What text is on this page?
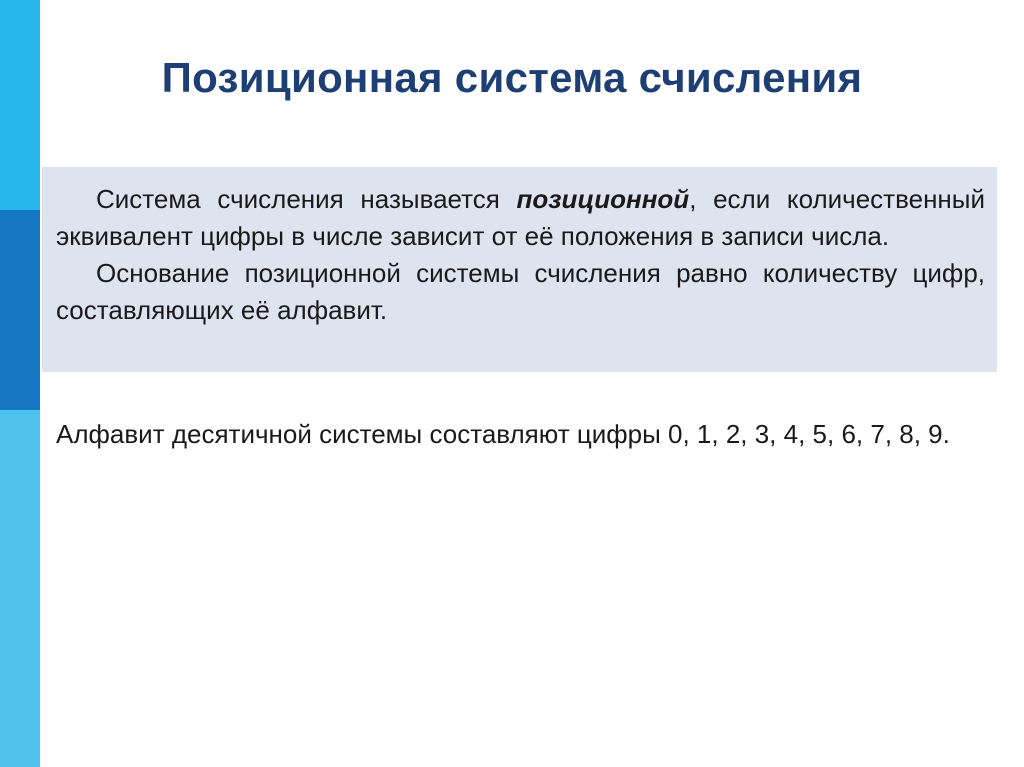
Позиционная система счисления

Система счисления называется позиционной, если количественный эквивалент цифры в числе зависит от её положения в записи числа.

Основание позиционной системы счисления равно количеству цифр, составляющих её алфавит.

Алфавит десятичной системы составляют цифры 0, 1, 2, 3, 4, 5, 6, 7, 8, 9.
